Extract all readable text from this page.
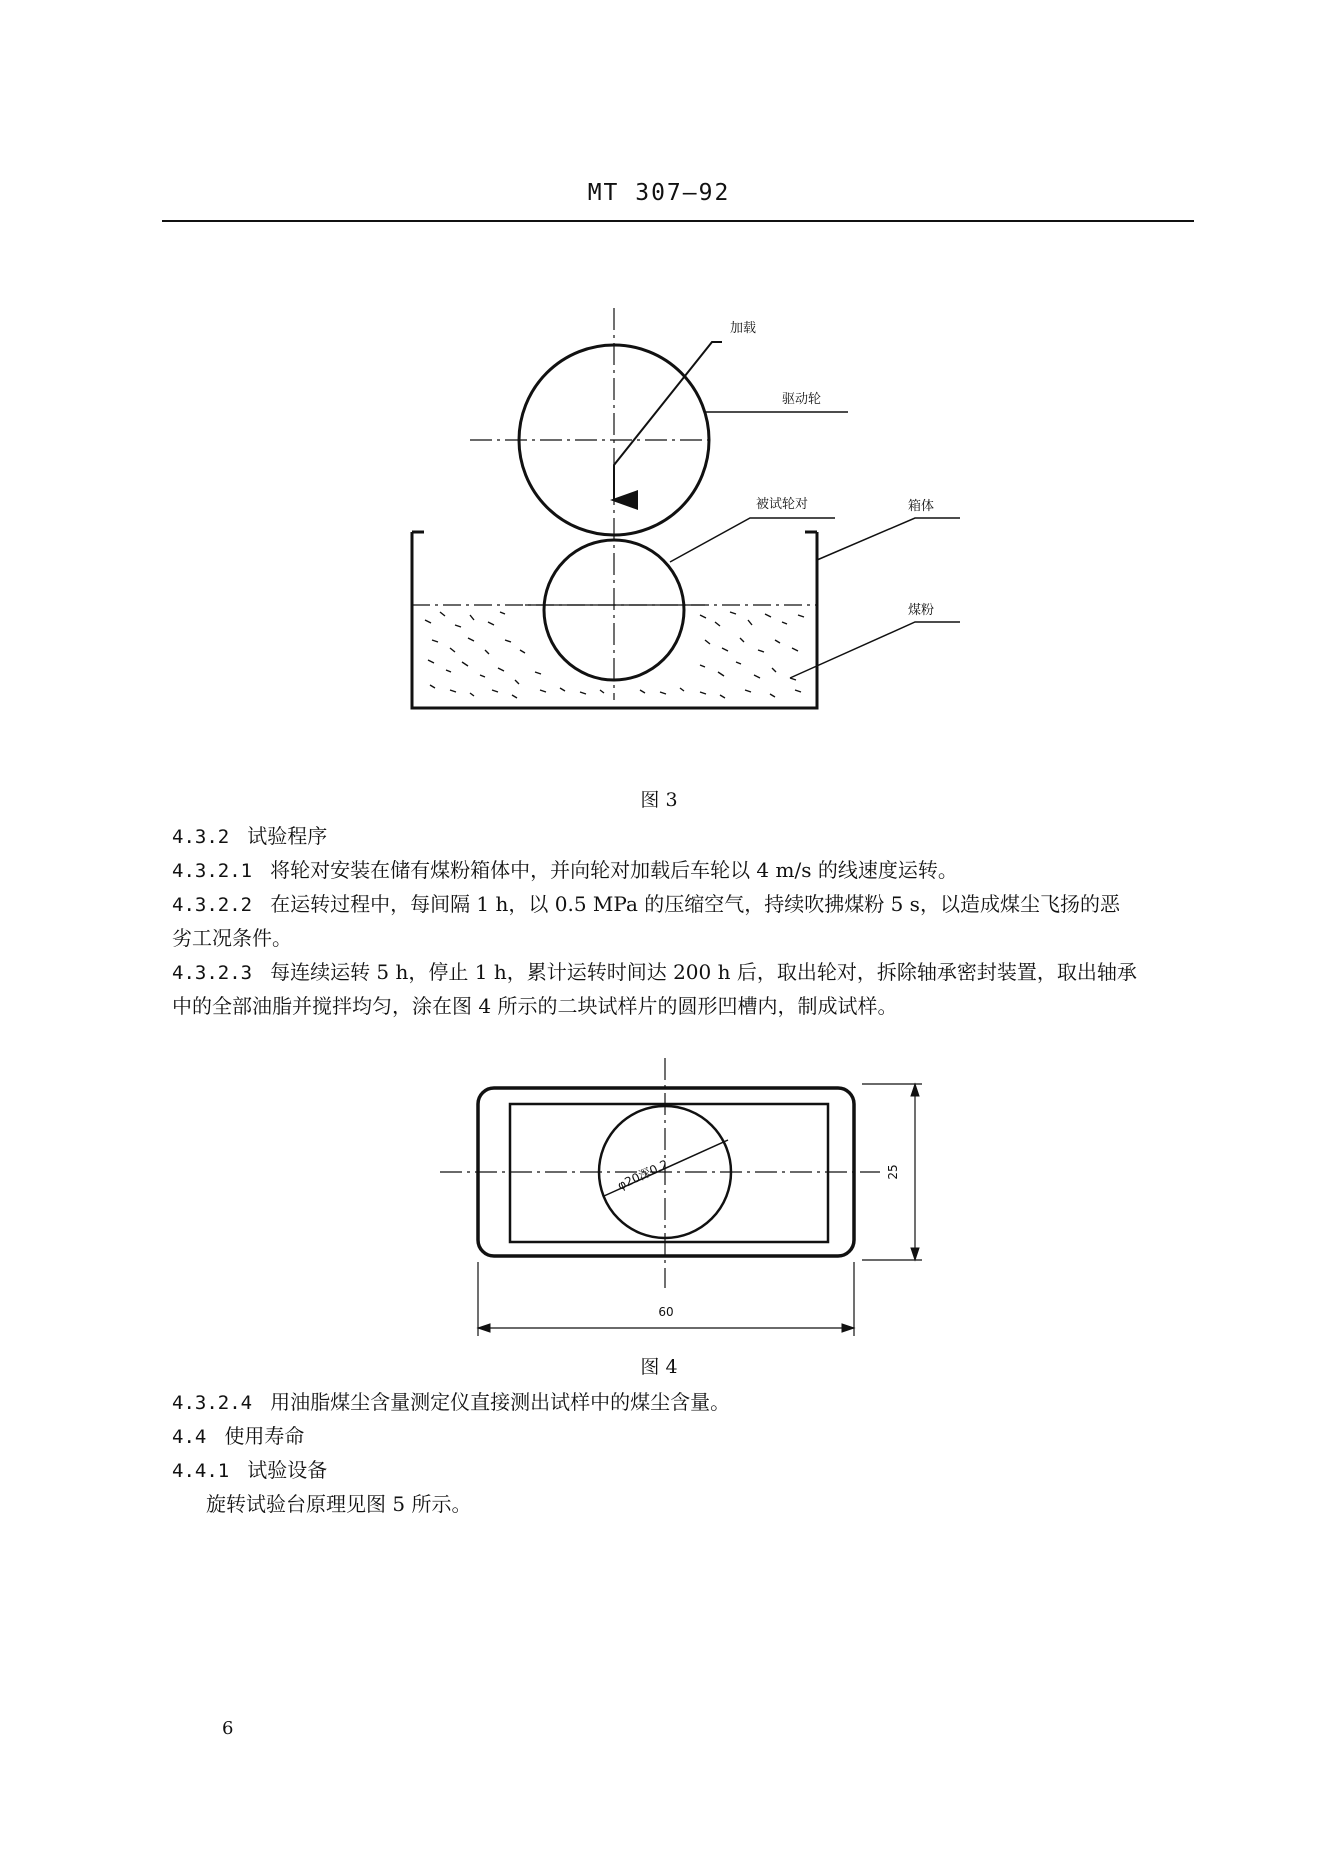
MT 307—92
加载
驱动轮
被试轮对	箱体
煤粉
图 3
4.3.2 试验程序
4.3.2.1 将轮对安装在储有煤粉箱体中，并向轮对加载后车轮以 4 m/s 的线速度运转。
4.3.2.2 在运转过程中，每间隔 1 h，以 0.5 MPa 的压缩空气，持续吹拂煤粉 5 s，以造成煤尘飞扬的恶
劣工况条件。
4.3.2.3 每连续运转 5 h，停止 1 h，累计运转时间达 200 h 后，取出轮对，拆除轴承密封装置，取出轴承
中的全部油脂并搅拌均匀，涂在图 4 所示的二块试样片的圆形凹槽内，制成试样。
φ20深0.2	25
60
图 4
4.3.2.4 用油脂煤尘含量测定仪直接测出试样中的煤尘含量。
4.4 使用寿命
4.4.1 试验设备
旋转试验台原理见图 5 所示。
6
